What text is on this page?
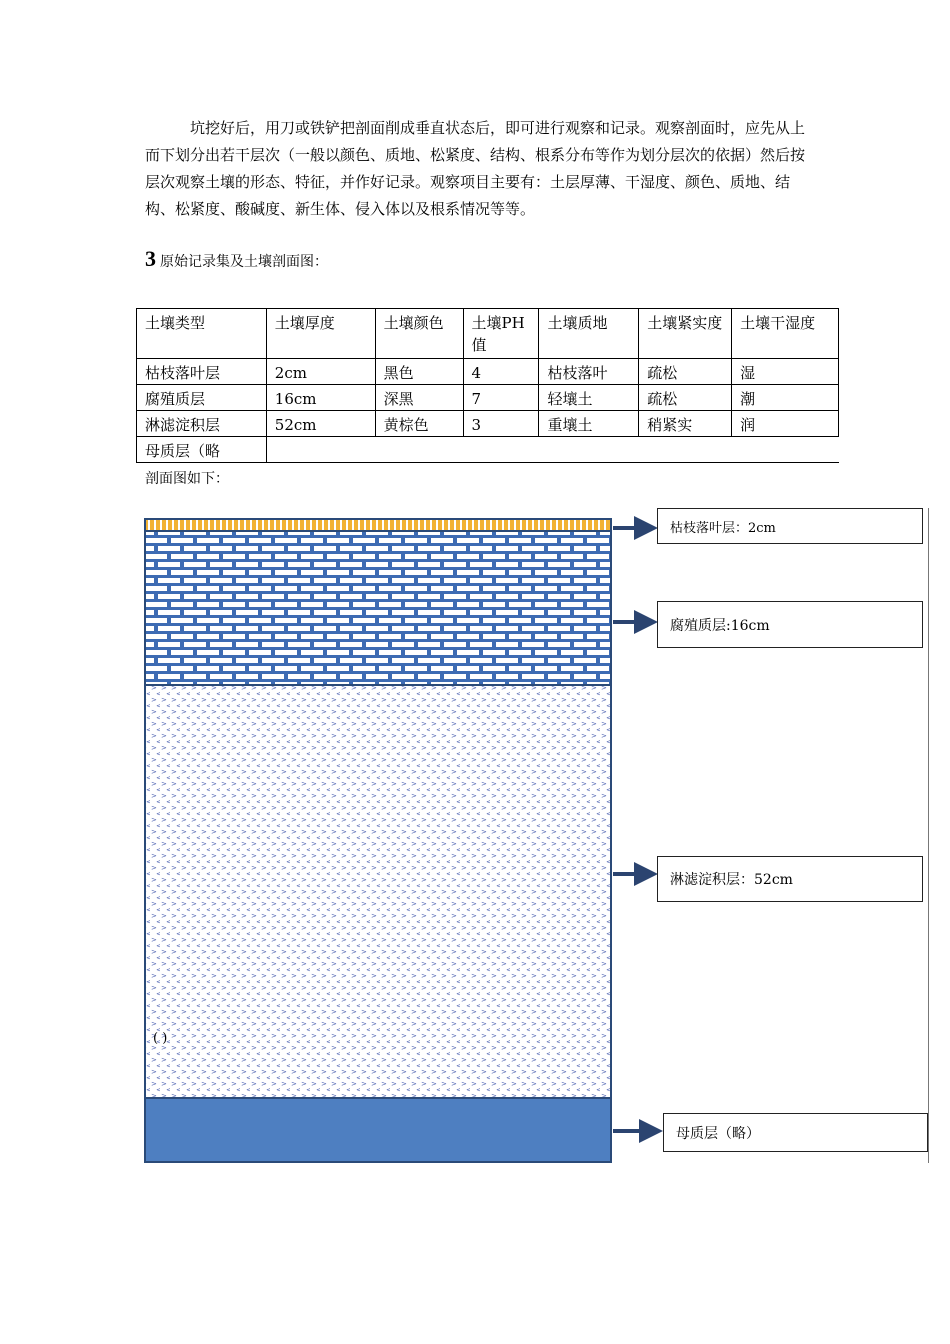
坑挖好后，用刀或铁铲把剖面削成垂直状态后，即可进行观察和记录。观察剖面时，应先从上而下划分出若干层次（一般以颜色、质地、松紧度、结构、根系分布等作为划分层次的依据）然后按层次观察土壤的形态、特征，并作好记录。观察项目主要有：土层厚薄、干湿度、颜色、质地、结构、松紧度、酸碱度、新生体、侵入体以及根系情况等等。

3 原始记录集及土壤剖面图：
土壤类型	土壤厚度	土壤颜色	土壤PH值	土壤质地	土壤紧实度	土壤干湿度
枯枝落叶层	2cm	黑色	4	枯枝落叶	疏松	湿
腐殖质层	16cm	深黑	7	轻壤土	疏松	潮
淋滤淀积层	52cm	黄棕色	3	重壤土	稍紧实	润
母质层（略						
剖面图如下：
枯枝落叶层：2cm
腐殖质层:16cm
淋滤淀积层：52cm
母质层（略）
( )
